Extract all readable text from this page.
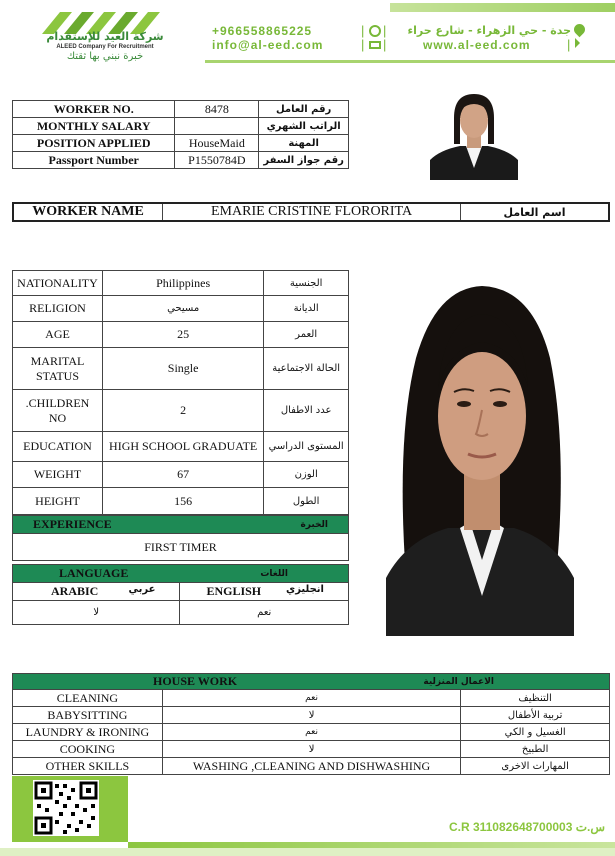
شركة العيد للإستقدام
ALEED Company For Recruitment
خبرة نبني بها ثقتك
+966558865225	| |	جدة - حي الزهراء - شارع حراء
info@al-eed.com	| |	www.al-eed.com	|
WORKER NO.	8478	رقم العامل
MONTHLY SALARY		الراتب الشهري
POSITION APPLIED	HouseMaid	المهنة
Passport Number	P1550784D	رقم جواز السفر
WORKER NAME	EMARIE CRISTINE FLORORITA	اسم العامل
NATIONALITY	Philippines	الجنسية
RELIGION	مسيحي	الديانة
AGE	25	العمر
MARITAL STATUS	Single	الحالة الاجتماعية
.CHILDREN NO	2	عدد الاطفال
EDUCATION	HIGH SCHOOL GRADUATE	المستوى الدراسي
WEIGHT	67	الوزن
HEIGHT	156	الطول
EXPERIENCE	الخبرة

FIRST TIMER
LANGUAGE اللغات	

ARABIC عربي	ENGLISH انجليزي

لا	نعم
HOUSE WORK الاعمال المنزلية		

CLEANING	نعم	التنظيف
BABYSITTING	لا	تربية الأطفال
LAUNDRY & IRONING	نعم	الغسيل و الكي
COOKING	لا	الطبيخ
OTHER SKILLS	WASHING ,CLEANING AND DISHWASHING	المهارات الاخرى
C.R 311082648700003 س.ت
